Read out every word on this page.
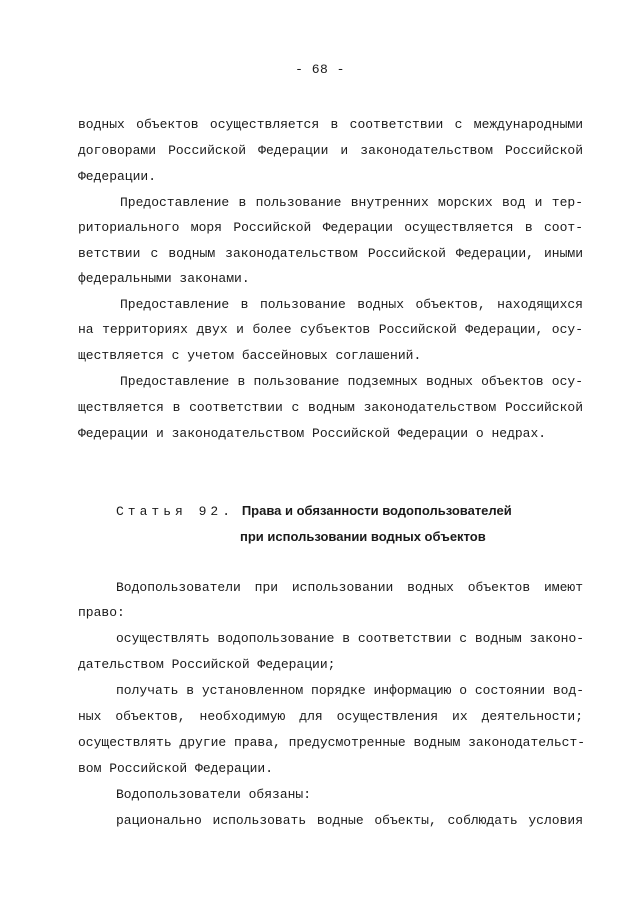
- 68 -
водных объектов осуществляется в соответствии с международными
договорами Российской Федерации и законодательством Российской
Федерации.
Предоставление в пользование внутренних морских вод и тер-
риториального моря Российской Федерации осуществляется в соот-
ветствии с водным законодательством Российской Федерации, иными
федеральными законами.
Предоставление в пользование водных объектов, находящихся
на территориях двух и более субъектов Российской Федерации, осу-
ществляется с учетом бассейновых соглашений.
Предоставление в пользование подземных водных объектов осу-
ществляется в соответствии с водным законодательством Российской
Федерации и законодательством Российской Федерации о недрах.
Статья 92. Права и обязанности водопользователей
при использовании водных объектов
Водопользователи при использовании водных объектов имеют
право:
осуществлять водопользование в соответствии с водным законо-
дательством Российской Федерации;
получать в установленном порядке информацию о состоянии вод-
ных объектов, необходимую для осуществления их деятельности;
осуществлять другие права, предусмотренные водным законодательст-
вом Российской Федерации.
Водопользователи обязаны:
рационально использовать водные объекты, соблюдать условия
